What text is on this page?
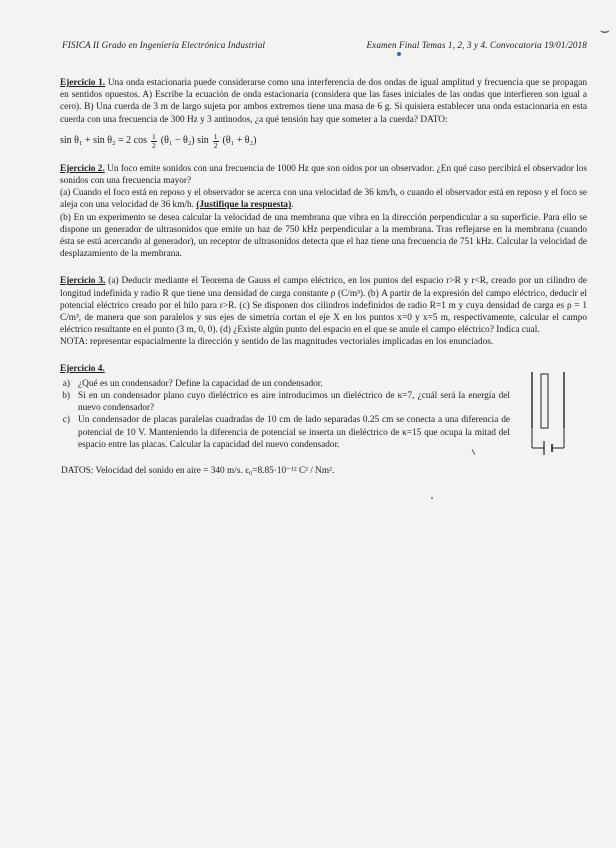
⌣
FISICA II Grado en Ingeniería Electrónica Industrial	Examen Final Temas 1, 2, 3 y 4. Convocatoria 19/01/2018
Ejercicio 1. Una onda estacionaria puede considerarse como una interferencia de dos ondas de igual amplitud y frecuencia que se propagan en sentidos opuestos. A) Escribe la ecuación de onda estacionaria (considera que las fases iniciales de las ondas que interfieren son igual a cero). B) Una cuerda de 3 m de largo sujeta por ambos extremos tiene una masa de 6 g. Si quisiera establecer una onda estacionaria en esta cuerda con una frecuencia de 300 Hz y 3 antinodos, ¿a qué tensión hay que someter a la cuerda? DATO:
sin θ₁ + sin θ₂ = 2 $\cos \frac{1}{2} (\theta_1 - \theta_2)$ $\sin \frac{1}{2} (\theta_1 + \theta_2)$
Ejercicio 2. Un foco emite sonidos con una frecuencia de 1000 Hz que son oídos por un observador. ¿En qué caso percibirá el observador los sonidos con una frecuencia mayor?
(a) Cuando el foco está en reposo y el observador se acerca con una velocidad de 36 km/h, o cuando el observador está en reposo y el foco se aleja con una velocidad de 36 km/h. (Justifique la respuesta).
(b) En un experimento se desea calcular la velocidad de una membrana que vibra en la dirección perpendicular a su superficie. Para ello se dispone un generador de ultrasonidos que emite un haz de 750 kHz perpendicular a la membrana. Tras reflejarse en la membrana (cuando ésta se está acercando al generador), un receptor de ultrasonidos detecta que el haz tiene una frecuencia de 751 kHz. Calcular la velocidad de desplazamiento de la membrana.
Ejercicio 3. (a) Deducir mediante el Teorema de Gauss el campo eléctrico, en los puntos del espacio r>R y r<R, creado por un cilindro de longitud indefinida y radio R que tiene una densidad de carga constante ρ (C/m³). (b) A partir de la expresión del campo eléctrico, deducir el potencial eléctrico creado por el hilo para r>R. (c) Se disponen dos cilindros indefinidos de radio R=1 m y cuya densidad de carga es ρ = 1 C/m³, de manera que son paralelos y sus ejes de simetría cortan el eje X en los puntos x=0 y x=5 m, respectivamente, calcular el campo eléctrico resultante en el punto (3 m, 0, 0). (d) ¿Existe algún punto del espacio en el que se anule el campo eléctrico? Indica cual.
NOTA: representar espacialmente la dirección y sentido de las magnitudes vectoriales implicadas en los enunciados.
Ejercicio 4.
a) ¿Qué es un condensador? Define la capacidad de un condensador.
b) Si en un condensador plano cuyo dieléctrico es aire introducimos un dieléctrico de κ=7, ¿cuál será la energía del nuevo condensador?
c) Un condensador de placas paralelas cuadradas de 10 cm de lado separadas 0.25 cm se conecta a una diferencia de potencial de 10 V. Manteniendo la diferencia de potencial se inserta un dieléctrico de κ=15 que ocupa la mitad del espacio entre las placas. Calcular la capacidad del nuevo condensador.
DATOS: Velocidad del sonido en aire = 340 m/s. ε₀=8.85·10⁻¹² C² / Nm².
